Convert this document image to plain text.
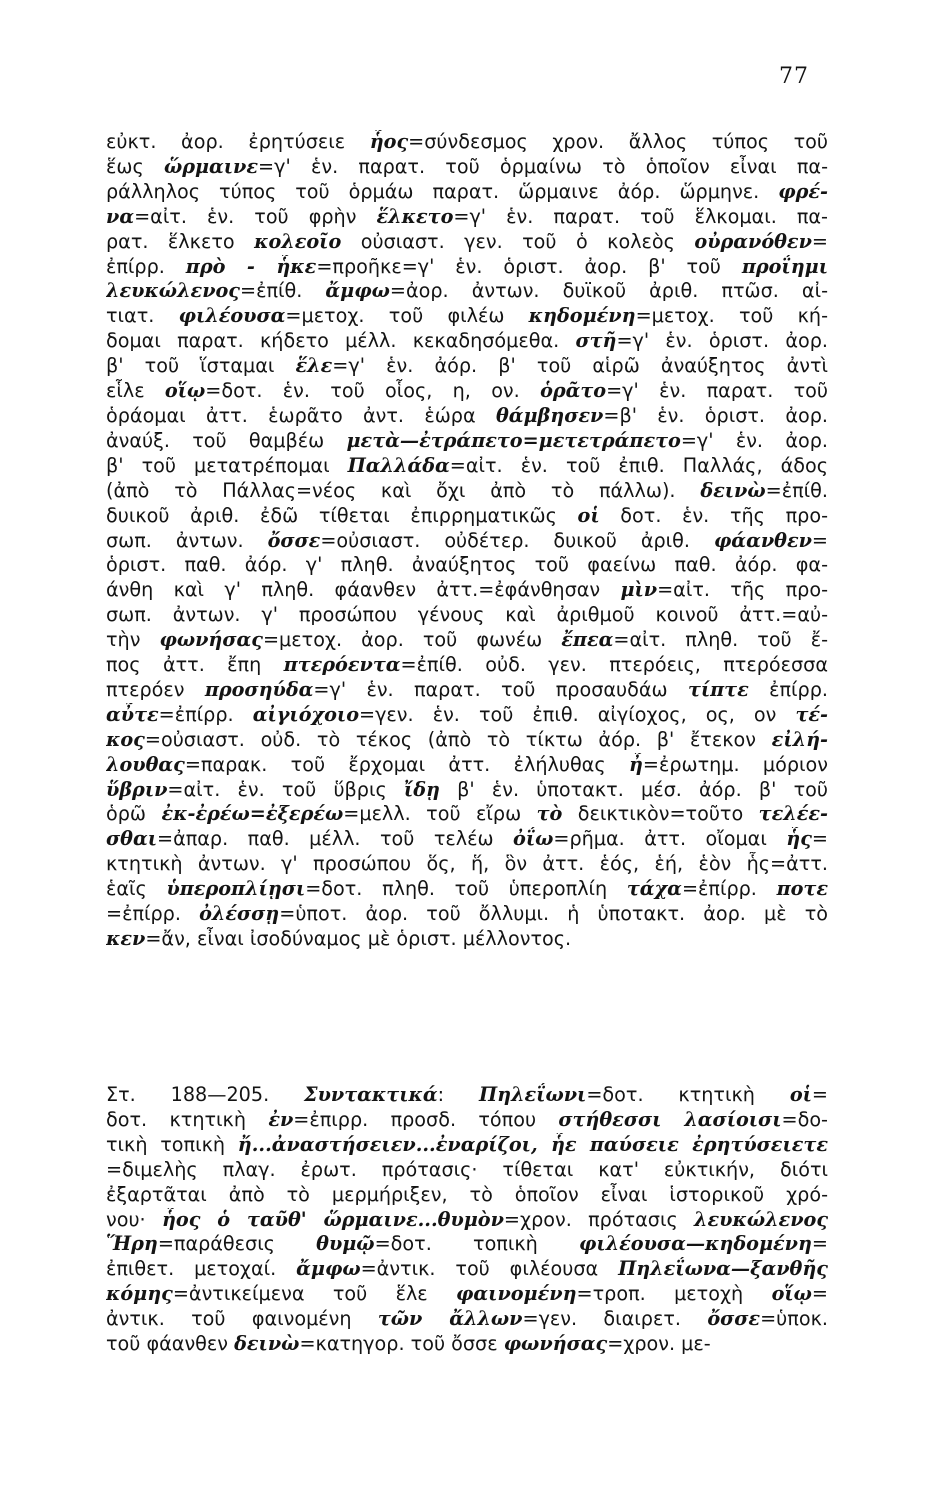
77
εὐκτ. ἀορ. ἐρητύσειε ἧος=σύνδεσμος χρον. ἄλλος τύπος τοῦ
ἕως ὥρμαινε=γ' ἑν. παρατ. τοῦ ὁρμαίνω τὸ ὁποῖον εἶναι πα-
ράλληλος τύπος τοῦ ὁρμάω παρατ. ὥρμαινε ἀόρ. ὥρμηνε. φρέ-
να=αἰτ. ἑν. τοῦ φρὴν ἕλκετο=γ' ἑν. παρατ. τοῦ ἕλκομαι. πα-
ρατ. ἕλκετο κολεοῖο οὐσιαστ. γεν. τοῦ ὁ κολεὸς οὐρανόθεν=
ἐπίρρ. πρὸ - ἧκε=προῆκε=γ' ἑν. ὁριστ. ἀορ. β' τοῦ προΐημι
λευκώλενος=ἐπίθ. ἄμφω=ἀορ. ἀντων. δυϊκοῦ ἀριθ. πτῶσ. αἰ-
τιατ. φιλέουσα=μετοχ. τοῦ φιλέω κηδομένη=μετοχ. τοῦ κή-
δομαι παρατ. κήδετο μέλλ. κεκαδησόμεθα. στῆ=γ' ἑν. ὁριστ. ἀορ.
β' τοῦ ἵσταμαι ἕλε=γ' ἑν. ἀόρ. β' τοῦ αἱρῶ ἀναύξητος ἀντὶ
εἷλε οἵῳ=δοτ. ἑν. τοῦ οἷος, η, ον. ὁρᾶτο=γ' ἑν. παρατ. τοῦ
ὁράομαι ἀττ. ἑωρᾶτο ἀντ. ἑώρα θάμβησεν=β' ἑν. ὁριστ. ἀορ.
ἀναύξ. τοῦ θαμβέω μετὰ—ἐτράπετο=μετετράπετο=γ' ἑν. ἀορ.
β' τοῦ μετατρέπομαι Παλλάδα=αἰτ. ἑν. τοῦ ἐπιθ. Παλλάς, άδος
(ἀπὸ τὸ Πάλλας=νέος καὶ ὄχι ἀπὸ τὸ πάλλω). δεινὼ=ἐπίθ.
δυικοῦ ἀριθ. ἐδῶ τίθεται ἐπιρρηματικῶς οἱ δοτ. ἑν. τῆς προ-
σωπ. ἀντων. ὄσσε=οὐσιαστ. οὐδέτερ. δυικοῦ ἀριθ. φάανθεν=
ὁριστ. παθ. ἀόρ. γ' πληθ. ἀναύξητος τοῦ φαείνω παθ. ἀόρ. φα-
άνθη καὶ γ' πληθ. φάανθεν ἀττ.=ἐφάνθησαν μὶν=αἰτ. τῆς προ-
σωπ. ἀντων. γ' προσώπου γένους καὶ ἀριθμοῦ κοινοῦ ἀττ.=αὐ-
τὴν φωνήσας=μετοχ. ἀορ. τοῦ φωνέω ἔπεα=αἰτ. πληθ. τοῦ ἔ-
πος ἀττ. ἔπη πτερόεντα=ἐπίθ. οὐδ. γεν. πτερόεις, πτερόεσσα
πτερόεν προσηύδα=γ' ἑν. παρατ. τοῦ προσαυδάω τίπτε ἐπίρρ.
αὖτε=ἐπίρρ. αἰγιόχοιο=γεν. ἑν. τοῦ ἐπιθ. αἰγίοχος, ος, ον τέ-
κος=οὐσιαστ. οὐδ. τὸ τέκος (ἀπὸ τὸ τίκτω ἀόρ. β' ἔτεκον εἰλή-
λουθας=παρακ. τοῦ ἔρχομαι ἀττ. ἐλήλυθας ἦ=ἐρωτημ. μόριον
ὕβριν=αἰτ. ἑν. τοῦ ὕβρις ἴδῃ β' ἑν. ὑποτακτ. μέσ. ἀόρ. β' τοῦ
ὁρῶ ἐκ-ἐρέω=ἐξερέω=μελλ. τοῦ εἴρω τὸ δεικτικὸν=τοῦτο τελέε-
σθαι=ἀπαρ. παθ. μέλλ. τοῦ τελέω ὀΐω=ρῆμα. ἀττ. οἴομαι ἧς=
κτητικὴ ἀντων. γ' προσώπου ὅς, ἥ, ὃν ἀττ. ἑός, ἑή, ἑὸν ἧς=ἀττ.
ἑαῖς ὑπεροπλίῃσι=δοτ. πληθ. τοῦ ὑπεροπλίη τάχα=ἐπίρρ. ποτε
=ἐπίρρ. ὀλέσσῃ=ὑποτ. ἀορ. τοῦ ὄλλυμι. ἡ ὑποτακτ. ἀορ. μὲ τὸ
κεν=ἄν, εἶναι ἰσοδύναμος μὲ ὁριστ. μέλλοντος.
Στ. 188—205. Συντακτικά: Πηλεΐωνι=δοτ. κτητικὴ οἱ=
δοτ. κτητικὴ ἐν=ἐπιρρ. προσδ. τόπου στήθεσσι λασίοισι=δο-
τικὴ τοπικὴ ἤ...ἀναστήσειεν...ἐναρίζοι, ἧε παύσειε ἐρητύσειετε
=διμελὴς πλαγ. ἐρωτ. πρότασις· τίθεται κατ' εὐκτικήν, διότι
ἐξαρτᾶται ἀπὸ τὸ μερμήριξεν, τὸ ὁποῖον εἶναι ἱστορικοῦ χρό-
νου· ἧος ὁ ταῦθ' ὥρμαινε...θυμὸν=χρον. πρότασις λευκώλενος
Ἥρη=παράθεσις θυμῷ=δοτ. τοπικὴ φιλέουσα—κηδομένη=
ἐπιθετ. μετοχαί. ἄμφω=ἀντικ. τοῦ φιλέουσα Πηλεΐωνα—ξανθῆς
κόμης=ἀντικείμενα τοῦ ἕλε φαινομένη=τροπ. μετοχὴ οἵῳ=
ἀντικ. τοῦ φαινομένη τῶν ἄλλων=γεν. διαιρετ. ὄσσε=ὑποκ.
τοῦ φάανθεν δεινὼ=κατηγορ. τοῦ ὄσσε φωνήσας=χρον. με-
